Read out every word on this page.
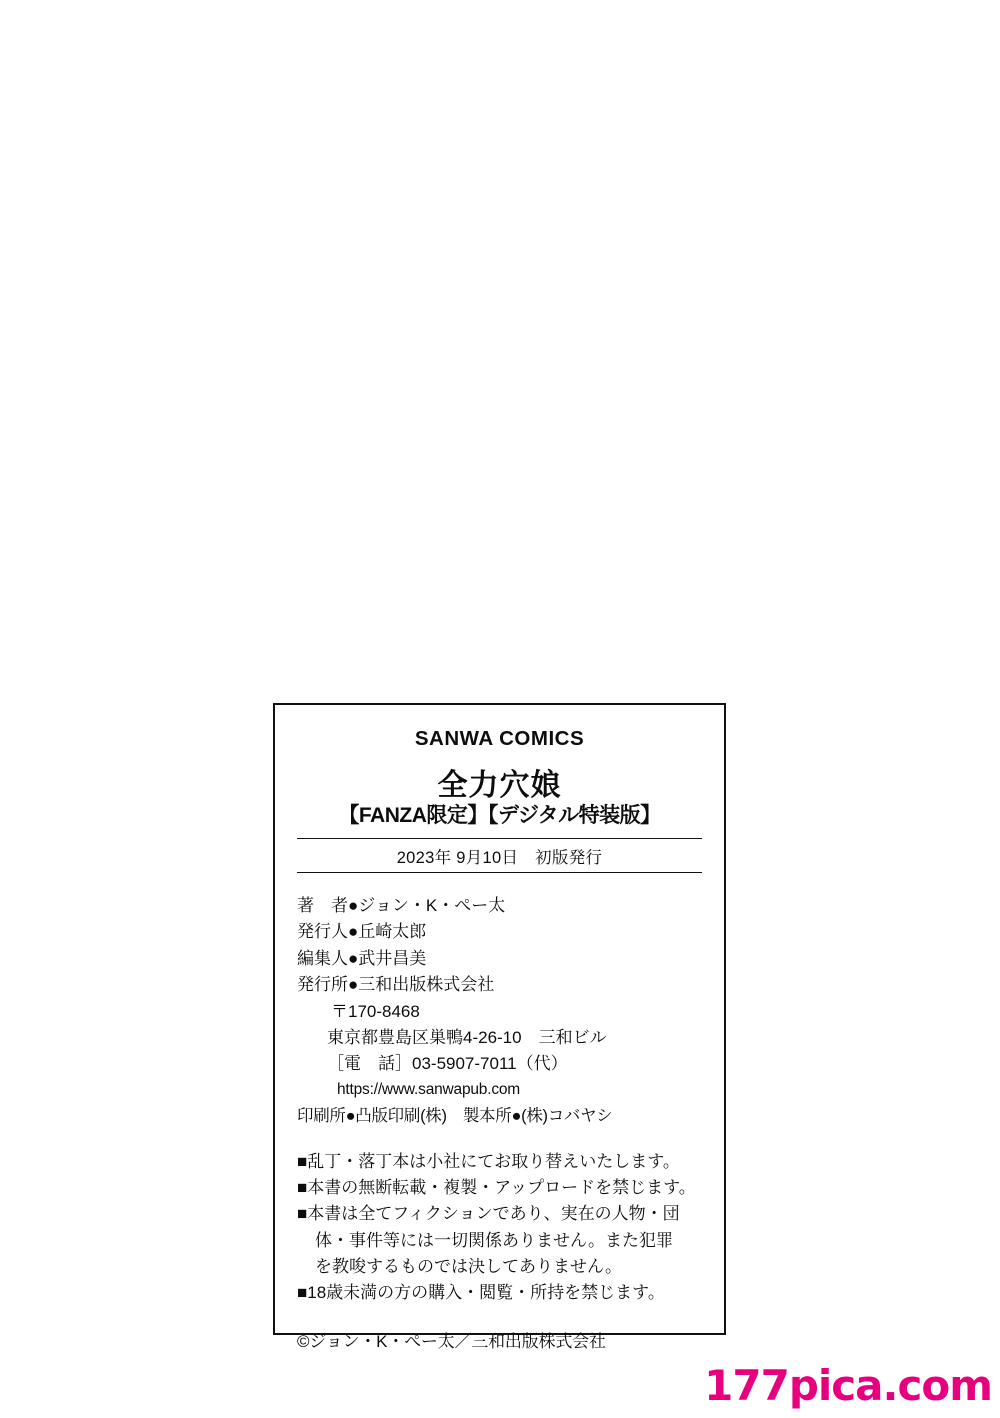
SANWA COMICS
全力穴娘
【FANZA限定】【デジタル特装版】
2023年 9月10日　初版発行
著　者●ジョン・K・ぺー太
発行人●丘崎太郎
編集人●武井昌美
発行所●三和出版株式会社
〒170-8468
東京都豊島区巣鴨4-26-10　三和ビル
［電　話］03-5907-7011（代）
https://www.sanwapub.com
印刷所●凸版印刷(株)　製本所●(株)コバヤシ
■乱丁・落丁本は小社にてお取り替えいたします。
■本書の無断転載・複製・アップロードを禁じます。
■本書は全てフィクションであり、実在の人物・団
体・事件等には一切関係ありません。また犯罪
を教唆するものでは決してありません。
■18歳未満の方の購入・閲覧・所持を禁じます。
©ジョン・K・ぺー太／三和出版株式会社
177pica.com
